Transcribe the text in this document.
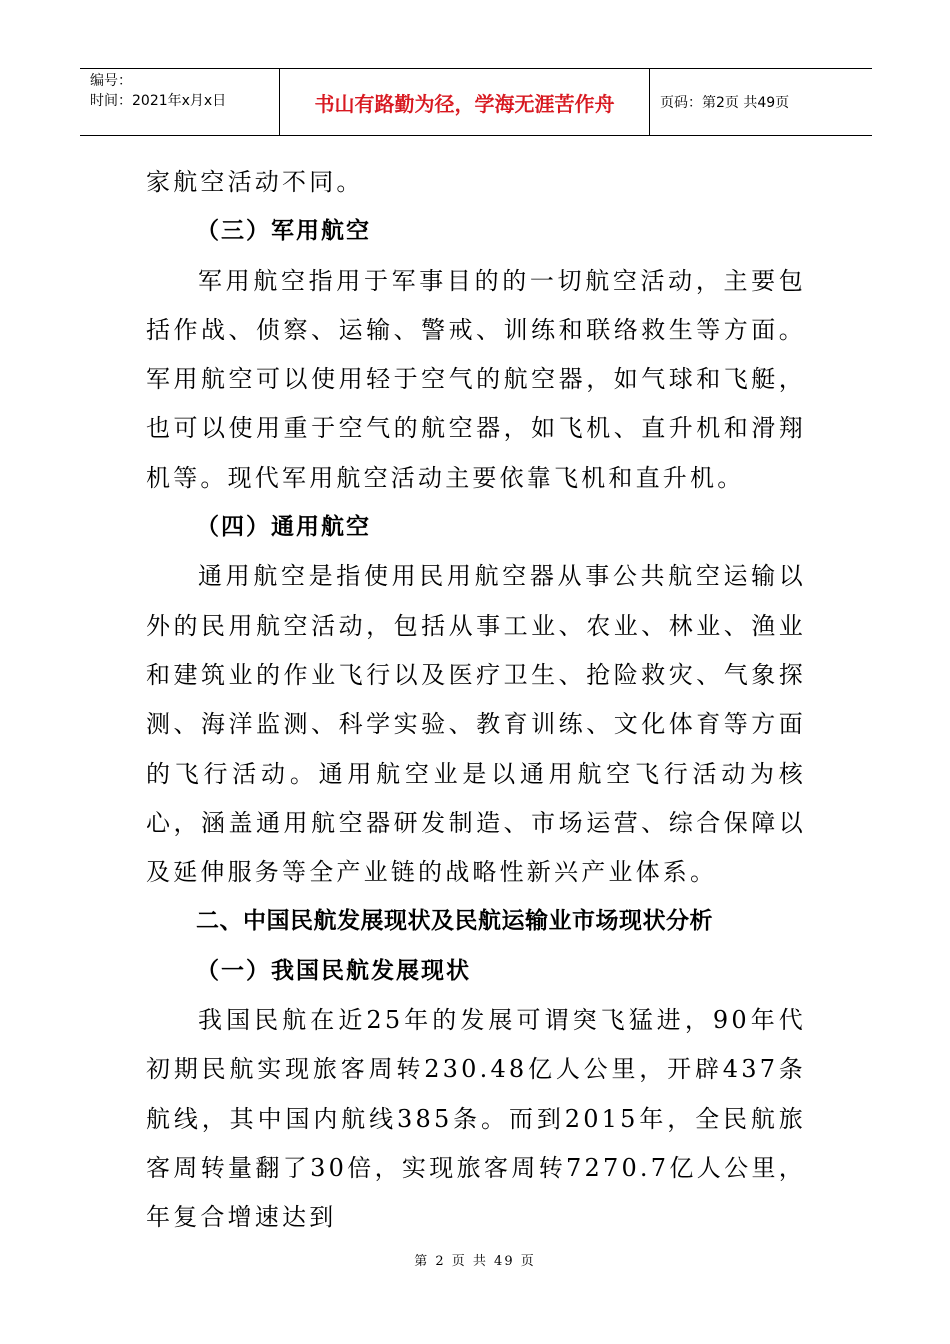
编号：
时间：2021年x月x日	书山有路勤为径，学海无涯苦作舟	页码：第2页 共49页

家航空活动不同。

（三）军用航空

军用航空指用于军事目的的一切航空活动，主要包括作战、侦察、运输、警戒、训练和联络救生等方面。军用航空可以使用轻于空气的航空器，如气球和飞艇，也可以使用重于空气的航空器，如飞机、直升机和滑翔机等。现代军用航空活动主要依靠飞机和直升机。

（四）通用航空

通用航空是指使用民用航空器从事公共航空运输以外的民用航空活动，包括从事工业、农业、林业、渔业和建筑业的作业飞行以及医疗卫生、抢险救灾、气象探测、海洋监测、科学实验、教育训练、文化体育等方面的飞行活动。通用航空业是以通用航空飞行活动为核心，涵盖通用航空器研发制造、市场运营、综合保障以及延伸服务等全产业链的战略性新兴产业体系。

二、中国民航发展现状及民航运输业市场现状分析

（一）我国民航发展现状

我国民航在近25年的发展可谓突飞猛进，90年代初期民航实现旅客周转230.48亿人公里，开辟437条航线，其中国内航线385条。而到2015年，全民航旅客周转量翻了30倍，实现旅客周转7270.7亿人公里，年复合增速达到

第 2 页 共 49 页
